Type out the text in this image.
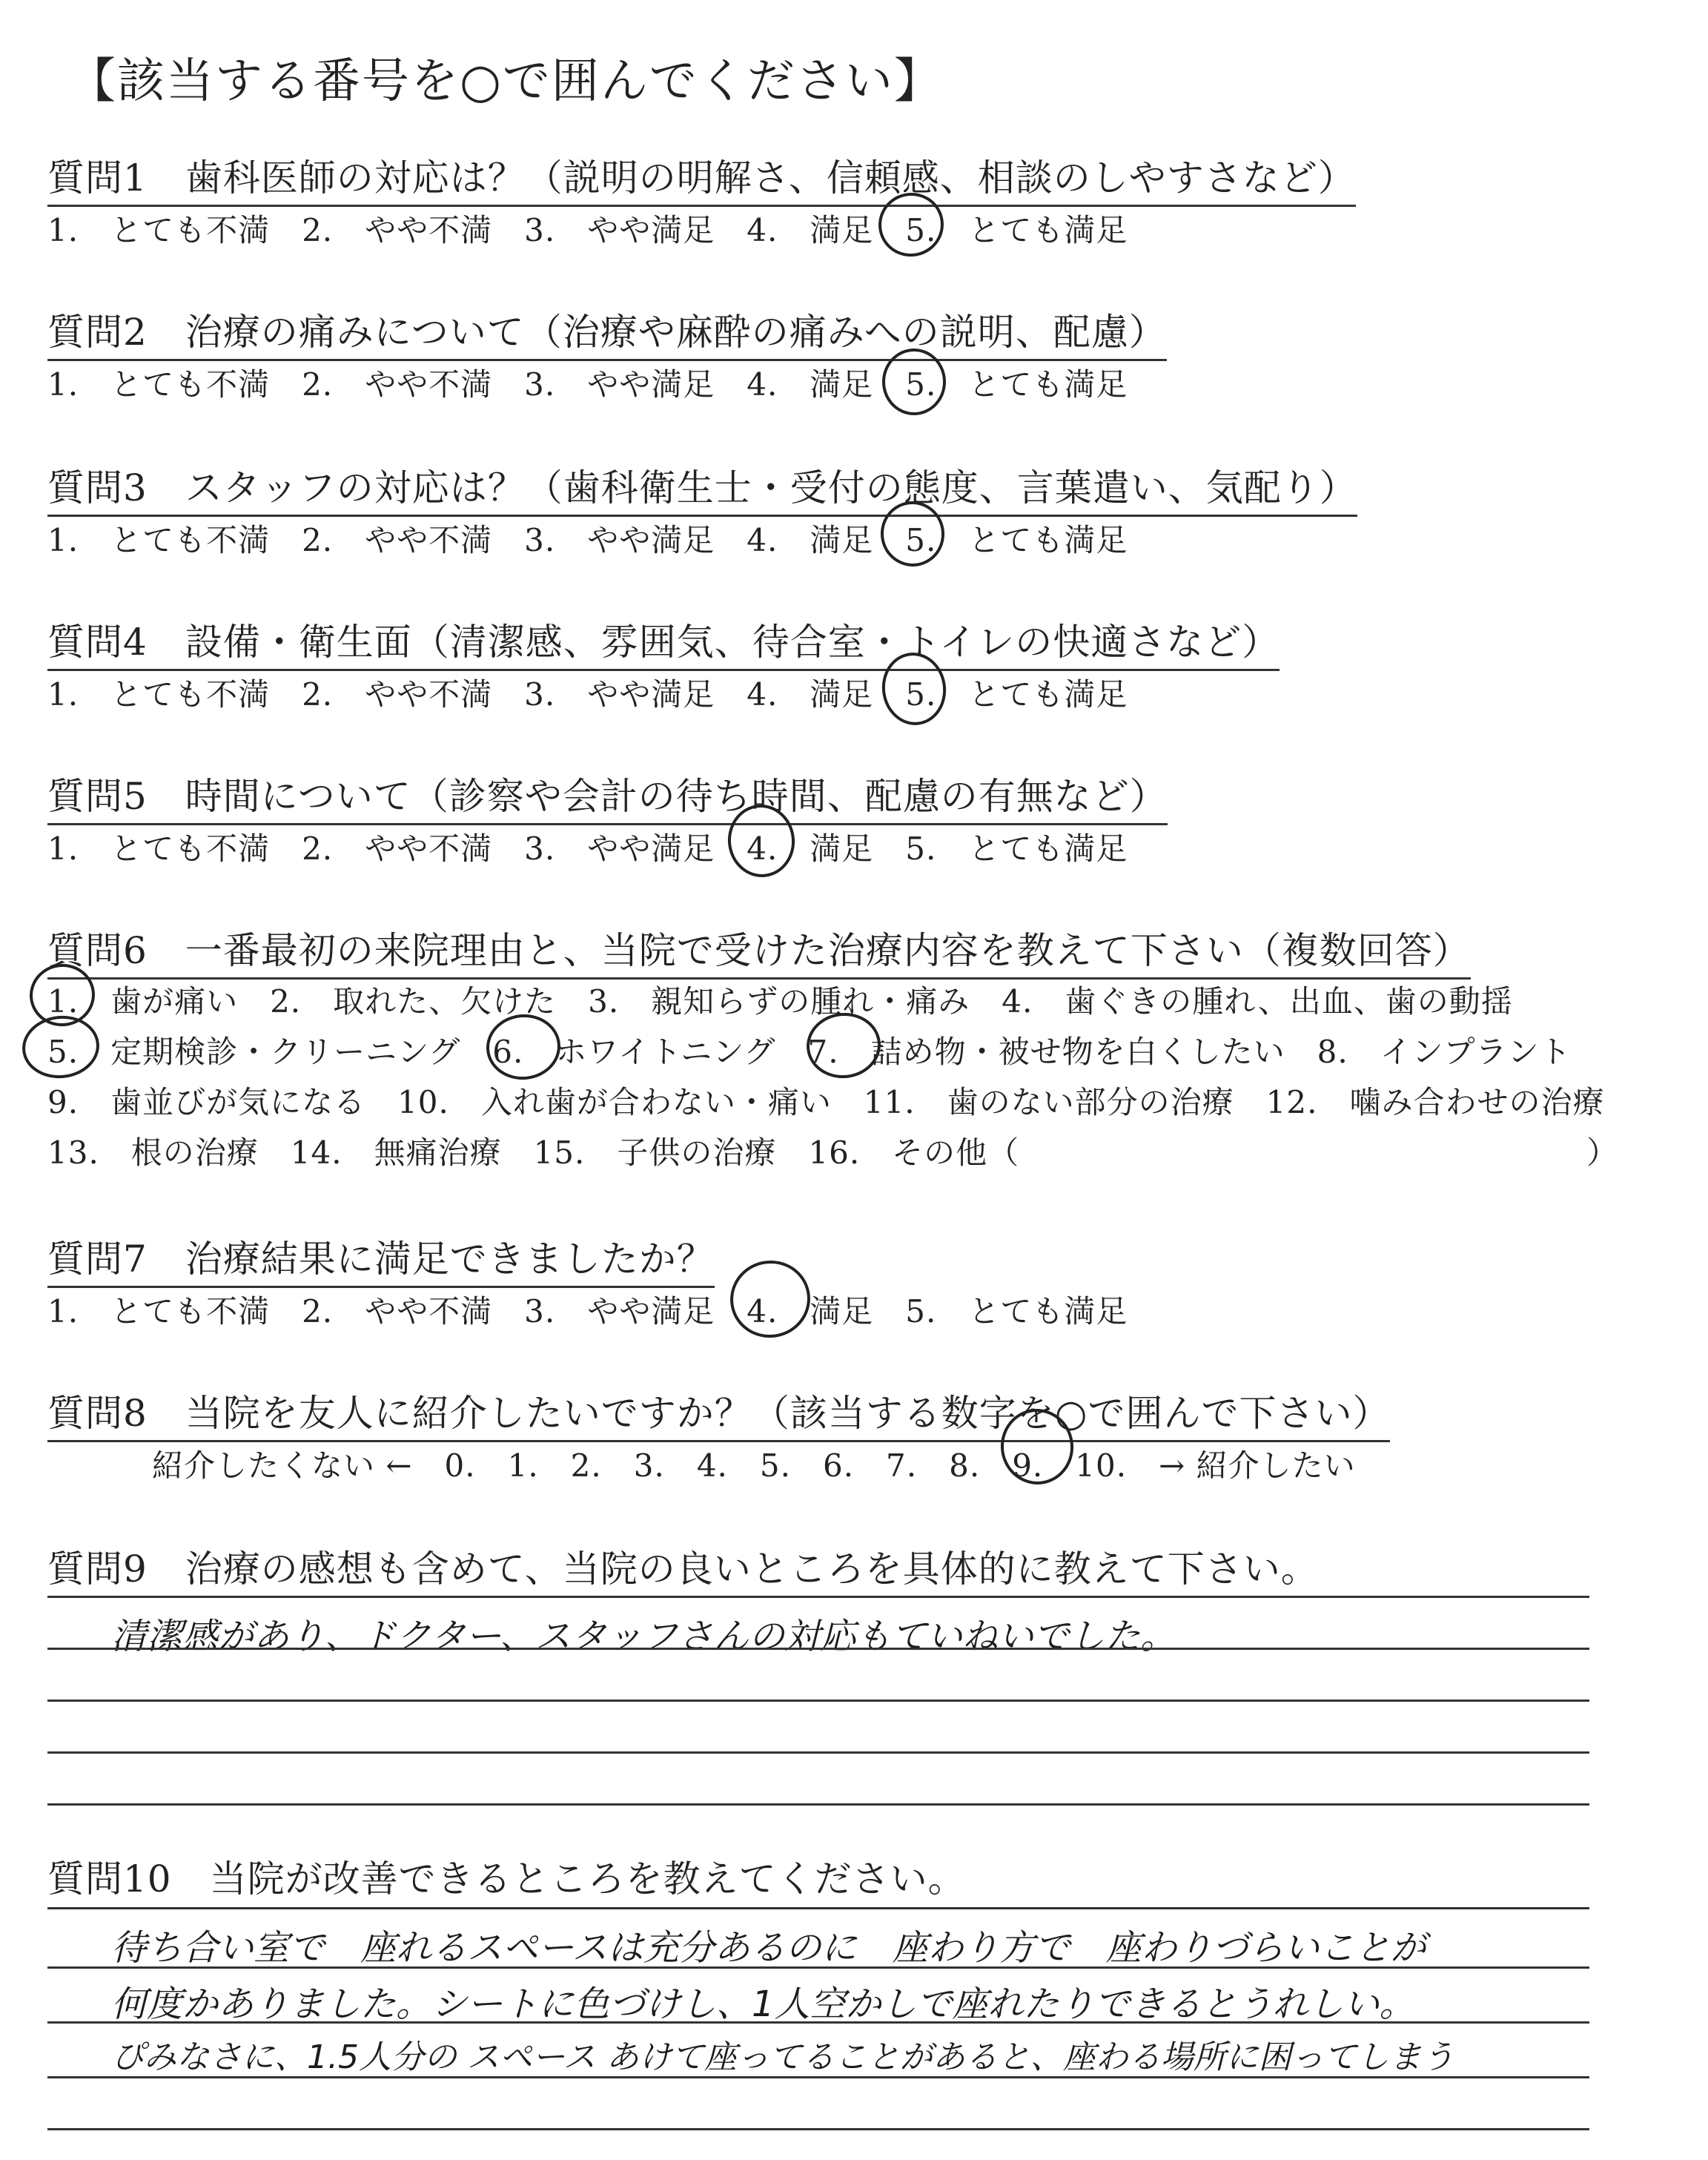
【該当する番号を○で囲んでください】
質問1　歯科医師の対応は？（説明の明解さ、信頼感、相談のしやすさなど）
1.　とても不満　2.　やや不満　3.　やや満足　4.　満足　5.　とても満足
質問2　治療の痛みについて（治療や麻酔の痛みへの説明、配慮）
1.　とても不満　2.　やや不満　3.　やや満足　4.　満足　5.　とても満足
質問3　スタッフの対応は？（歯科衛生士・受付の態度、言葉遣い、気配り）
1.　とても不満　2.　やや不満　3.　やや満足　4.　満足　5.　とても満足
質問4　設備・衛生面（清潔感、雰囲気、待合室・トイレの快適さなど）
1.　とても不満　2.　やや不満　3.　やや満足　4.　満足　5.　とても満足
質問5　時間について（診察や会計の待ち時間、配慮の有無など）
1.　とても不満　2.　やや不満　3.　やや満足　4.　満足　5.　とても満足
質問6　一番最初の来院理由と、当院で受けた治療内容を教えて下さい（複数回答）
1.　歯が痛い　2.　取れた、欠けた　3.　親知らずの腫れ・痛み　4.　歯ぐきの腫れ、出血、歯の動揺
5.　定期検診・クリーニング　6.　ホワイトニング　7.　詰め物・被せ物を白くしたい　8.　インプラント
9.　歯並びが気になる　10.　入れ歯が合わない・痛い　11.　歯のない部分の治療　12.　噛み合わせの治療
13.　根の治療　14.　無痛治療　15.　子供の治療　16.　その他（	）
質問7　治療結果に満足できましたか？
1.　とても不満　2.　やや不満　3.　やや満足　4.　満足　5.　とても満足
質問8　当院を友人に紹介したいですか？（該当する数字を○で囲んで下さい）
紹介したくない ←　0.　1.　2.　3.　4.　5.　6.　7.　8.　9.　10.　→ 紹介したい
質問9　治療の感想も含めて、当院の良いところを具体的に教えて下さい。
清潔感があり、ドクター、スタッフさんの対応もていねいでした。
質問10　当院が改善できるところを教えてください。
待ち合い室で　座れるスペースは充分あるのに　座わり方で　座わりづらいことが
何度かありました。シートに色づけし、1人空かしで座れたりできるとうれしい。
ぴみなさに、1.5人分の スペース あけて座ってることがあると、座わる場所に困ってしまう
